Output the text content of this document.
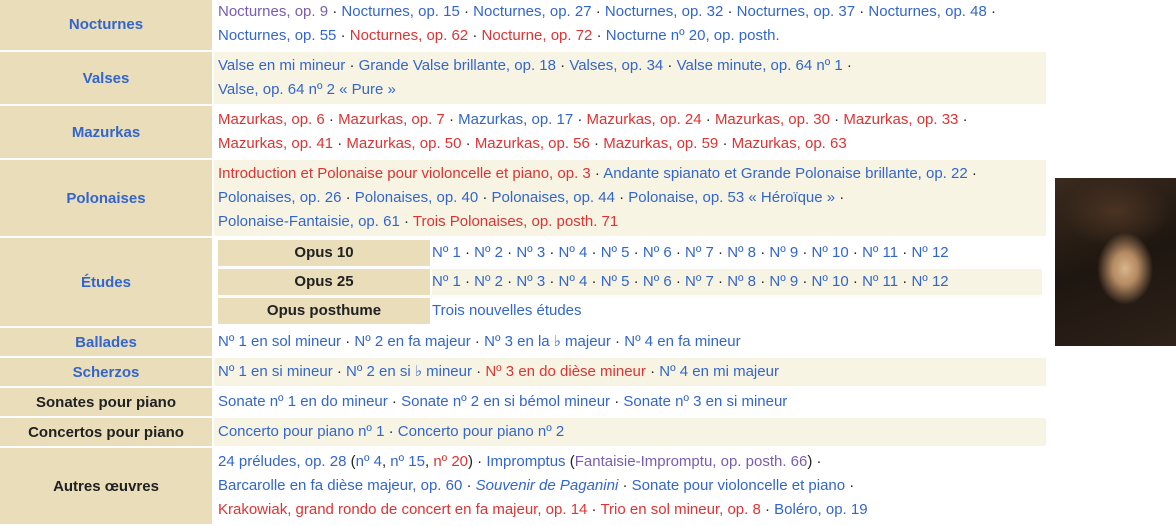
Nocturnes	
Nocturnes, op. 9 · Nocturnes, op. 15 · Nocturnes, op. 27 · Nocturnes, op. 32 · Nocturnes, op. 37 · Nocturnes, op. 48 ·
Nocturnes, op. 55 · Nocturnes, op. 62 · Nocturne, op. 72 · Nocturne nº 20, op. posth.

Valses	
Valse en mi mineur · Grande Valse brillante, op. 18 · Valses, op. 34 · Valse minute, op. 64 nº 1 ·
Valse, op. 64 nº 2 « Pure »

Mazurkas	
Mazurkas, op. 6 · Mazurkas, op. 7 · Mazurkas, op. 17 · Mazurkas, op. 24 · Mazurkas, op. 30 · Mazurkas, op. 33 ·
Mazurkas, op. 41 · Mazurkas, op. 50 · Mazurkas, op. 56 · Mazurkas, op. 59 · Mazurkas, op. 63

Polonaises	
Introduction et Polonaise pour violoncelle et piano, op. 3 · Andante spianato et Grande Polonaise brillante, op. 22 ·
Polonaises, op. 26 · Polonaises, op. 40 · Polonaises, op. 44 · Polonaise, op. 53 « Héroïque » ·
Polonaise-Fantaisie, op. 61 · Trois Polonaises, op. posth. 71

Études	
Opus 10	Nº 1 · Nº 2 · Nº 3 · Nº 4 · Nº 5 · Nº 6 · Nº 7 · Nº 8 · Nº 9 · Nº 10 · Nº 11 · Nº 12
Opus 25	Nº 1 · Nº 2 · Nº 3 · Nº 4 · Nº 5 · Nº 6 · Nº 7 · Nº 8 · Nº 9 · Nº 10 · Nº 11 · Nº 12
Opus posthume	Trois nouvelles études

Ballades	Nº 1 en sol mineur · Nº 2 en fa majeur · Nº 3 en la ♭ majeur · Nº 4 en fa mineur

Scherzos	Nº 1 en si mineur · Nº 2 en si ♭ mineur · Nº 3 en do dièse mineur · Nº 4 en mi majeur

Sonates pour piano	Sonate nº 1 en do mineur · Sonate nº 2 en si bémol mineur · Sonate nº 3 en si mineur

Concertos pour piano	Concerto pour piano nº 1 · Concerto pour piano nº 2

Autres œuvres	
24 préludes, op. 28 (nº 4, nº 15, nº 20) · Impromptus (Fantaisie-Impromptu, op. posth. 66) ·
Barcarolle en fa dièse majeur, op. 60 · Souvenir de Paganini · Sonate pour violoncelle et piano ·
Krakowiak, grand rondo de concert en fa majeur, op. 14 · Trio en sol mineur, op. 8 · Boléro, op. 19
